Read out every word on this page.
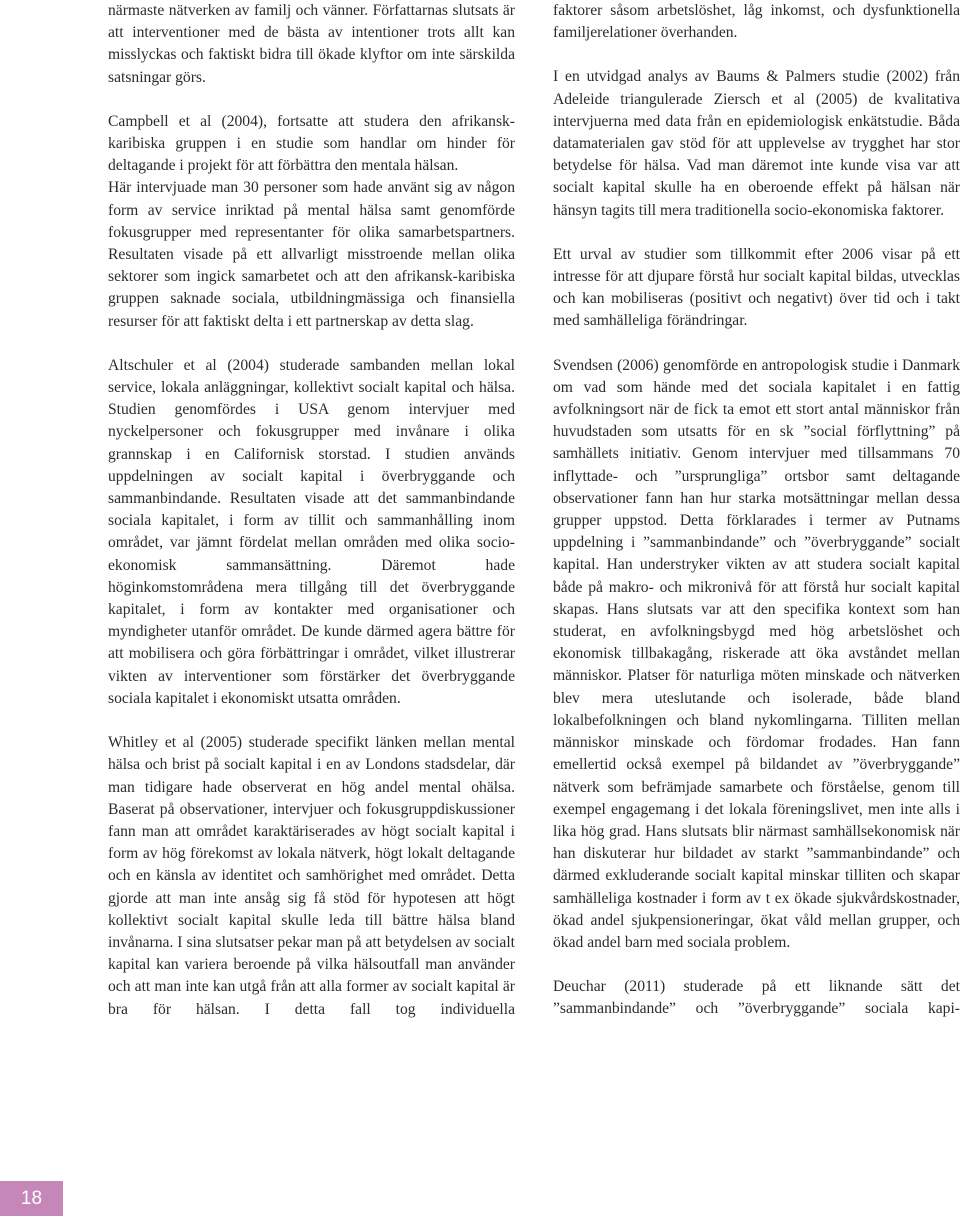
närmaste nätverken av familj och vänner. Författarnas slutsats är att interventioner med de bästa av intentioner trots allt kan misslyckas och faktiskt bidra till ökade klyftor om inte särskilda satsningar görs.

Campbell et al (2004), fortsatte att studera den afrikansk-karibiska gruppen i en studie som handlar om hinder för deltagande i projekt för att förbättra den mentala hälsan.

Här intervjuade man 30 personer som hade använt sig av någon form av service inriktad på mental hälsa samt genomförde fokusgrupper med representanter för olika samarbetspartners. Resultaten visade på ett allvarligt misstroende mellan olika sektorer som ingick samarbetet och att den afrikansk-karibiska gruppen saknade sociala, utbildningmässiga och finansiella resurser för att faktiskt delta i ett partnerskap av detta slag.

Altschuler et al (2004) studerade sambanden mellan lokal service, lokala anläggningar, kollektivt socialt kapital och hälsa. Studien genomfördes i USA genom intervjuer med nyckelpersoner och fokusgrupper med invånare i olika grannskap i en Californisk storstad. I studien används uppdelningen av socialt kapital i överbryggande och sammanbindande. Resultaten visade att det sammanbindande sociala kapitalet, i form av tillit och sammanhålling inom området, var jämnt fördelat mellan områden med olika socio-ekonomisk sammansättning. Däremot hade höginkomstområdena mera tillgång till det överbryggande kapitalet, i form av kontakter med organisationer och myndigheter utanför området. De kunde därmed agera bättre för att mobilisera och göra förbättringar i området, vilket illustrerar vikten av interventioner som förstärker det överbryggande sociala kapitalet i ekonomiskt utsatta områden.

Whitley et al (2005) studerade specifikt länken mellan mental hälsa och brist på socialt kapital i en av Londons stadsdelar, där man tidigare hade observerat en hög andel mental ohälsa. Baserat på observationer, intervjuer och fokusgruppdiskussioner fann man att området karaktäriserades av högt socialt kapital i form av hög förekomst av lokala nätverk, högt lokalt deltagande och en känsla av identitet och samhörighet med området. Detta gjorde att man inte ansåg sig få stöd för hypotesen att högt kollektivt socialt kapital skulle leda till bättre hälsa bland invånarna. I sina slutsatser pekar man på att betydelsen av socialt kapital kan variera beroende på vilka hälsoutfall man använder och att man inte kan utgå från att alla former av socialt kapital är bra för hälsan. I detta fall tog individuella

faktorer såsom arbetslöshet, låg inkomst, och dysfunktionella familjerelationer överhanden.

I en utvidgad analys av Baums & Palmers studie (2002) från Adeleide triangulerade Ziersch et al (2005) de kvalitativa intervjuerna med data från en epidemiologisk enkätstudie. Båda datamaterialen gav stöd för att upplevelse av trygghet har stor betydelse för hälsa. Vad man däremot inte kunde visa var att socialt kapital skulle ha en oberoende effekt på hälsan när hänsyn tagits till mera traditionella socio-ekonomiska faktorer.

Ett urval av studier som tillkommit efter 2006 visar på ett intresse för att djupare förstå hur socialt kapital bildas, utvecklas och kan mobiliseras (positivt och negativt) över tid och i takt med samhälleliga förändringar.

Svendsen (2006) genomförde en antropologisk studie i Danmark om vad som hände med det sociala kapitalet i en fattig avfolkningsort när de fick ta emot ett stort antal människor från huvudstaden som utsatts för en sk ”social förflyttning” på samhällets initiativ. Genom intervjuer med tillsammans 70 inflyttade- och ”ursprungliga” ortsbor samt deltagande observationer fann han hur starka motsättningar mellan dessa grupper uppstod. Detta förklarades i termer av Putnams uppdelning i ”sammanbindande” och ”överbryggande” socialt kapital. Han understryker vikten av att studera socialt kapital både på makro- och mikronivå för att förstå hur socialt kapital skapas. Hans slutsats var att den specifika kontext som han studerat, en avfolkningsbygd med hög arbetslöshet och ekonomisk tillbakagång, riskerade att öka avståndet mellan människor. Platser för naturliga möten minskade och nätverken blev mera uteslutande och isolerade, både bland lokalbefolkningen och bland nykomlingarna. Tilliten mellan människor minskade och fördomar frodades. Han fann emellertid också exempel på bildandet av ”överbryggande” nätverk som befrämjade samarbete och förståelse, genom till exempel engagemang i det lokala föreningslivet, men inte alls i lika hög grad. Hans slutsats blir närmast samhällsekonomisk när han diskuterar hur bildadet av starkt ”sammanbindande” och därmed exkluderande socialt kapital minskar tilliten och skapar samhälleliga kostnader i form av t ex ökade sjukvårdskostnader, ökad andel sjukpensioneringar, ökat våld mellan grupper, och ökad andel barn med sociala problem.

Deuchar (2011) studerade på ett liknande sätt det ”sammanbindande” och ”överbryggande” sociala kapi-

18
